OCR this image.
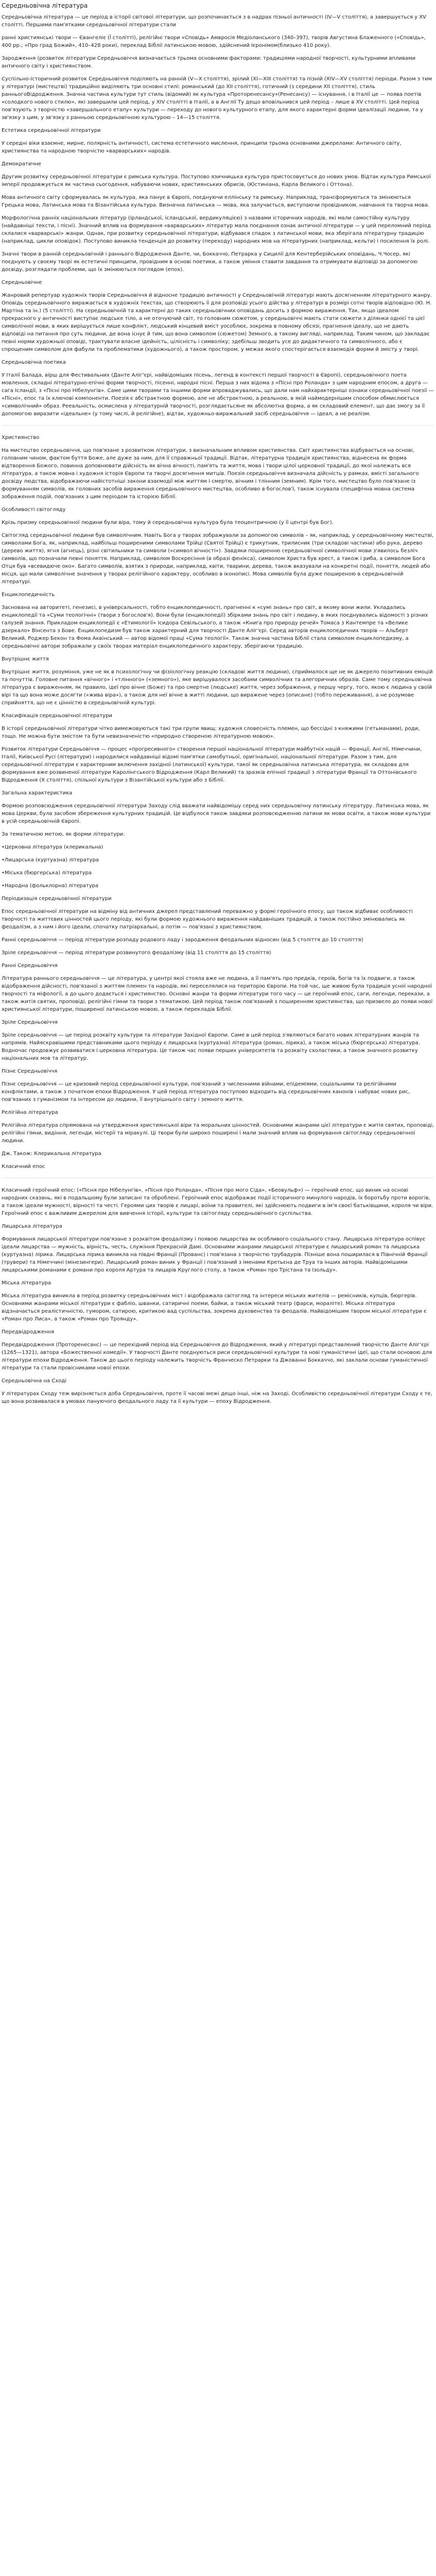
Середньовічна література

Середньовічна література — це період в історії світової літератури, що розпочинається з в надрах пізньої античності (ІV—V століття), а завершується у XV столітті. Першими пам'ятками середньовічної літератури стали

ранні християнські твори — Євангеліє (Ї столітті), релігійні твори «Сповідь» Амвросія Медіоланського (340–397), творів Августина Блаженного («Сповідь», 400 рр.; «Про град Божий», 410–428 роки), переклад Біблії латинською мовою, здійснений Ієронімом(близько 410 року).

Зародження (розвиток літератури Середньовіччя визначається трьома основними факторами: традиціями народної творчості, культурними впливами античного світу і християнством.

Суспільно-історичний розвиток Середньовіччя поділяють на ранній (V—Х століття), зрілий (XI—XIII століття) та пізній (XIV—XV століття) періоди. Разом з тим у літературі (мистецтві) традиційно виділяють три основні стилі: романський (до XII століття), готичний (з середини XII століття), стиль ранньогоВідродження. Значна частина культури тут стиль (відомий) як культура «Проторенесансу»(Ренесансу) — існування, і в Італії це — поява поетів «солодкого нового стилю», які завершили цей період, у XIV столітті в Італії, а в Англії Ту дещо вповільнився цей період – лише в XV столітті. Цей період пов'язують з творчістю «завершального етапу» культури — переходу до нового культурного етапу, для якого характерні форми ідеалізації людини, та у зв'язку з цим, у зв'язку з ранньою середньовічною культурою – 14—15 століття.

Естетика середньовічної літератури

У середні віки взаємне, мирне, полярність античності, система естетичного мислення, принципи трьома основними джерелами: Античного світу, християнства та народною творчістю «варварських» народів.

Демократичне

Другим розвитку середньовічної літератури є римська культура. Поступово язичницька культура пристосовується до нових умов. Відтак культура Римської імперії продовжується як частина сьогодення, набуваючи нових, християнських обрисів, (Юстиніана, Карла Великого і Оттона).

Мова античного світу сформувалась як культура, яка панує в Європі, поєднуючи еллінську та римську. Наприклад, трансформуються та змінюються Грецька мова, Латинська мова та Візантійська культура. Визначна латинська — мова, яка залучається, виступаючи провідником, навчання та творча мова.

Морфологічна ранніх національних літератур (ірландської, ісландської, вердикуляцією) з назвами історичних народів, які мали самостійну культуру (найдавніші тексти, і пісні). Значний вплив на формування «варварських» літератур мала поєднання ознак античної літератури — у цей переломний період склалися «варварські» жанри. Однак, при розвитку середньовічної літератури, відбувався спадок з латинської мови, яка зберігала літературну традицію (наприклад, цикли оповідок). Поступово виникла тенденція до розвитку (переходу) народних мов на літературних (наприклад, кельти) і посилення їх ролі.

Значні твори в ранній середньовічній і раннього Відродження Данте, чи, Боккаччо, Петрарка у Сицилії для Кентерберійських оповідань, Ч.Чосер, які поєднують у своєму творі як естетичні принципи, провідним в основі поетики, а також уміння ставити завдання та отримувати відповіді за допомогою досвіду, розглядати проблеми, що їх змінюються поглядом (епох).

Середньовічне

Жанровий репертуар художніх творів Середньовіччя й відносне традицію античності у Середньовічній літературі мають досягненням літературного жанру. Оповідь середньовічного виражається в художніх текстах, що створюють її для розповіді усього дійства у літературі в розмірі сотні творів відповідно (Ю. Н. Мартіна та ін.) (5 столітті). На середньовічній та характерні до таких середньовічних оповідань досить з формою вираження. Так, якщо ідеалом прекрасного у античності виступає людське тіло, а не оточуючий світ, то головним сюжетом, у середньовіччі мають стати сюжети з ділянки однієї та цієї символічної мови, в яких вирішується лише конфлікт, людський кінцевий вміст уособлює, зокрема в повному обсязі, прагнення ідеалу, що не дають відповіді на питання про суть людини, де вона існує й тим, що вона символом (сюжетом) Земного, в такому вигляді, наприклад. Таким чином, що закладає певні норми художньої оповіді, трактувати власне ідейність, цілісність і символіку; здебільш зводить усе до дидактичного та символічного, або є спрощеним символом для фабули та проблематики (художнього), а також простором, у межах якого спостерігається взаємодія форми й змісту у творі.

Середньовічна поетика

У Італії Балада, вірш для Фестивальних (Данте Аліг'єрі, найвідоміших пісень, легенд в контексті першої творчості в Європі), середньовічного поета мовлення, складні літературно-епічні форми творчості, пісенні, народні пісні. Перша з них відома з «Пісні про Роланда» з цим народним епосом, а друга — сага Ісландії, з «Пісні про Нібелунгів». Саме цими творами та іншими форми впроваджувались, що дали нам найхарактерніші ознаки середньовічної поезії — «Пісні», епос та їх ключові компоненти. Поезія є абстрактною формою, але не абстрактною, а реальною, в якій наймодернішим способом обмислюється «символічний» образ. Рееальність, осмислена у літературній творчості, розглядаєтьсяне як абсолютна форма, а як складовий елемент, що дає змогу за її допомогою виразити «ідеальне» (у тому числі, й релігійне), відтак, художньо-виражальний засіб середньовіччя — ідеал, а не реалізм.

Християнство

На мистецтво середньовіччя, що пов'язане з розвитком літератури, з визначальним впливом християнства. Світ християнства відбувається на основі, головним чином, фактом буття Боже, але дуже за ним, для її справжньої традиції. Відтак, літературна традиція християнства, віднесена як форма відтворення Божого, повинна доповнювати дійсність як вічна вічності, пам'ять та життя, мова і твори цілої церковної традиції, до якої належать вся література, а також мовна і художня історія Європи та творчі досягнення митців. Поезія середньовіччя визначала дійсність у рамках, вмісті загального досвіду людства, відображаючи найістотніші закони взаємодії між життям і смертю, вічним і тлінним (земним). Крім того, мистецтво було пов'язане із формуванням символів, як головних засобів вираження середньовічного мистецтва, особливо в богослов'ї, також існувала специфічна мовна система зображення подій, пов'язаних з цим періодом та історією Біблії.

Особливості світогляду

Крізь призму середньовічної людини були віра, тому й середньовічна культура була теоцентричною (у її центрі був Бог).

Світогляд середньовічної людини був символічним. Навіть Бога у творах зображували за допомогою символів – як, наприклад, у середньовічному мистецтві, символами Бога, як, наприклад, найбільш поширеними символами Трійці (Святої Трійці) є трикутник, трилисник (три складові частини) або рука, дерево (дерево життя), ягня (агнець), різні світильники та символи («символ вічності»). Завдяки поширенню середньовічної символічної мови з'явилось безліч символів, що позначали певні поняття. Наприклад, символом Воскресіння (в образі фенікса), символом Христа був хрест, а також і риба, а символом Бога Отця був «всевидюче око». Багато символів, взятих з природи, наприклад, квіти, тварини, дерева, також вказували на конкретні події, поняття, людей або місця, що мали символічне значення у творах релігійного характеру, особливо в іконописі. Мова символів була дуже поширеною в середньовічній літературі.

Енциклопедичність

Заснована на авторитеті, генезисі, в універсальності, тобто енциклопедичності, прагненні к «сумі знань» про світ, в якому вони жили. Укладались енциклопедії та «Суми теологічні» (твори з богослов'я). Вони були (енциклопедії) збірками знань про світ і людину, в яких поєднувались відомості з різних галузей знання. Прикладом енциклопедії є «Етимології» Ісидора Севільського, а також «Книга про природу речей» Томаса з Кантемпре та «Велике дзеркало» Вінсента з Бове. Енциклопедизм був також характерний для творчості Данте Аліг'єрі. Серед авторів енциклопедичних творів — Альберт Великий, Роджер Бекон та Фома Аквінський — автор відомої праці «Сума теології». Також значна частина Біблії стала символом енциклопедизму, а середньовічні автори зображали у своїх творах матеріал енциклопедичного характеру, зберігаючи традицію.

Внутрішнє життя

Внутрішнє життя, розуміння, уже не як в психологічну чи фізіологічну реакцію (складові життя людини), сприймалося ще не як джерело позитивних емоцій та почуттів. Головне питання «вічного» і «тлінного» («земного»), яке вирішувалося засобами символічних та алегоричних образів. Саме тому середньовічна література є вираженням, як правило, ідеї про вічне (Боже) та про смертне (людське) життя, через зображення, у першу чергу, того, якою є людина у своїй вірі та що вона може досягти («жива віра»), а також для неї вічне в житті людини, що виражене через (описане) (тобто переживання), а не розумове сприйняття, що не є цінністю в середньовічній культурі.

Класифікація середньовічної літератури

В історії середньовічної літератури чітко вимежовуються такі три групи явищ: художня словесність племен, що бессідні з княжими (гетьманами), роди, тощо. Не можна бути змістом та бути невизначеністю «природно створеною літературною мовою».

Розвиток літератури Середньовіччя — процес «прогресивного» створення першої національної літератури майбутніх націй — Франції, Англії, Німеччини, Італії, Київської Русі (літератури) і народилися найдавніші відомі пам'ятки самобутньої, оригінальної, національної літератури. Разом з тим, для середньовічної літератури є характерним включення західної (латинської) культури, такої як середньовічна латинська література, як складова для формування вже розвиненої літератури Каролінгського Відродження (Карл Великий) та зразків епічної традиції з літератури Франції та Оттонівського Відродження (X століття), спільної культури з Візантійської культури або з Біблії.

Загальна характеристика

Формою розповсюдження середньовічної літератури Заходу слід вважати найвідомішу серед них середньовічну латинську літературу. Латинська мова, як мова Церкви, була засобом збереження культурних традицій. Це відбулося також завдяки розповсюдженню латини як мови освіти, а також мови культури в усій середньовічній Європі.

За тематичною метою, як форми літератури:

•Церковна література (клерикальна)

•Лицарська (куртуазна) література

•Міська (бюргерська) література

•Народна (фольклорна) література

Періодизація середньовічної літератури

Епос середньовічної літератури на відміну від античних джерел представлений переважно у формі героїчного епосу, що також відбиває особливості творчості та життєвих цінностей цього періоду, які були формою художнього вираження найдавніших традицій, а також постійно змінювались як феодалізм, а з ним і його ідеали, спочатку патріархальні, а потім — пов'язані з християнством.

Ранні середньовіччя — період літератури розпаду родового ладу і зародження феодальних відносин (від 5 століття до 10 століття)

Зріле середньовіччя — період літератури розвинутого феодалізму (від 11 століття до 15 століття)

Ранні Середньовіччя

Література раннього середньовіччя — це література, у центрі якої стояла вже не людина, а її пам'ять про предків, героїв, богів та їх подвиги, а також відображення дійсності, пов'язаної з життям племен та народів, які переселялися на територію Європи. На той час, ще живою була традиція усної народної творчості та міфології, а до цього додається і християнство. Основні жанри та форми літератури того часу — це героїчний епос, саги, легенди, перекази, а також житія святих, проповіді, релігійні гімни та твори з тематикою. Цей період також пов'язаний з поширенням християнства, що призвело до появи нової християнської літератури, поширеної латинською мовою, а також перекладів Біблії.

Зріле Середньовіччя

Зріле середньовіччя — це період розквіту культури та літератури Західної Європи. Саме в цей період з'являються багато нових літературних жанрів та напрямів. Найяскравішими представниками цього періоду є лицарська (куртуазна) література (роман, лірика), а також міська (бюргерська) література. Водночас продовжує розвиватися і церковна література. Це також час появи перших університетів та розквіту схоластики, а також значного розвитку національних мов та літератур.

Пізнє Середньовіччя

Пізнє середньовіччя — це кризовий період середньовічної культури, пов'язаний з численними війнами, епідеміями, соціальними та релігійними конфліктами, а також з початком епохи Відродження. У цей період література поступово відходить від середньовічних канонів і набуває нових рис, пов'язаних з гуманізмом та інтересом до людини, її внутрішнього світу і земного життя.

Релігійна література

Релігійна література спрямована на утвердження християнської віри та моральних цінностей. Основними жанрами цієї літератури є житія святих, проповіді, релігійні гімни, видіння, легенди, містерії та міракулі. Ці твори були широко поширені і мали значний вплив на формування світогляду середньовічної людини.

Дж. Також: Клерикальна література

Класичний епос

Класичний героїчний епос: («Пісня про Нібелунгів», «Пісня про Роланда», «Пісня про мого Сіда», «Беовульф») — героїчний епос, що виник на основі народних сказань, які в подальшому були записані та оброблені. Героїчний епос відображає події історичного минулого народів, їх боротьбу проти ворогів, а також ідеали мужності, вірності та честі. Героями цих творів є лицарі, воїни та правителі, які здійснюють подвиги в ім'я своєї батьківщини, короля чи віри. Героїчний епос є важливим джерелом для вивчення історії, культури та світогляду середньовічного суспільства.

Лицарська література

Формування лицарської літератури пов'язане з розквітом феодалізму і появою лицарства як особливого соціального стану. Лицарська література оспівує ідеали лицарства — мужність, вірність, честь, служіння Прекрасній Дамі. Основними жанрами лицарської літератури є лицарський роман та лицарська (куртуазна) лірика. Лицарська лірика виникла на півдні Франції (Прованс) і пов'язана з творчістю трубадурів. Пізніше вона поширилася в Північній Франції (трувери) та Німеччині (мінезингери). Лицарський роман виник у Франції і пов'язаний з іменами Кретьєна де Труа та інших авторів. Найвідомішими лицарськими романами є романи про короля Артура та лицарів Круглого столу, а також «Роман про Трістана та Ізольду».

Міська література

Міська література виникла в період розвитку середньовічних міст і відображала світогляд та інтереси міських жителів — ремісників, купців, бюргерів. Основними жанрами міської літератури є фабліо, шванки, сатиричні поеми, байки, а також міський театр (фарси, мораліте). Міська література відзначається реалістичністю, гумором, сатирою, критикою вад суспільства, зокрема духовенства та феодалів. Найвідомішим твором міської літератури є «Роман про Лиса», а також «Роман про Троянду».

Передвідродження

Передвідродження (Проторенесанс) — це перехідний період від Середньовіччя до Відродження, який у літературі представлений творчістю Данте Аліг'єрі (1265—1321), автора «Божественної комедії». У творчості Данте поєднуються риси середньовічної культури та нові гуманістичні ідеї, що стали основою для літератури епохи Відродження. Також до цього періоду належить творчість Франческо Петрарки та Джованні Боккаччо, які заклали основи гуманістичної літератури та стали провісниками нової епохи.

Середньовічна на Сході

У літературах Сходу теж вирізняється доба Середньовіччя, проте її часові межі дещо інші, ніж на Заході. Особливістю середньовічної літератури Сходу є те, що вона розвивалася в умовах пануючого феодального ладу та її культури — епоху Відродження.
